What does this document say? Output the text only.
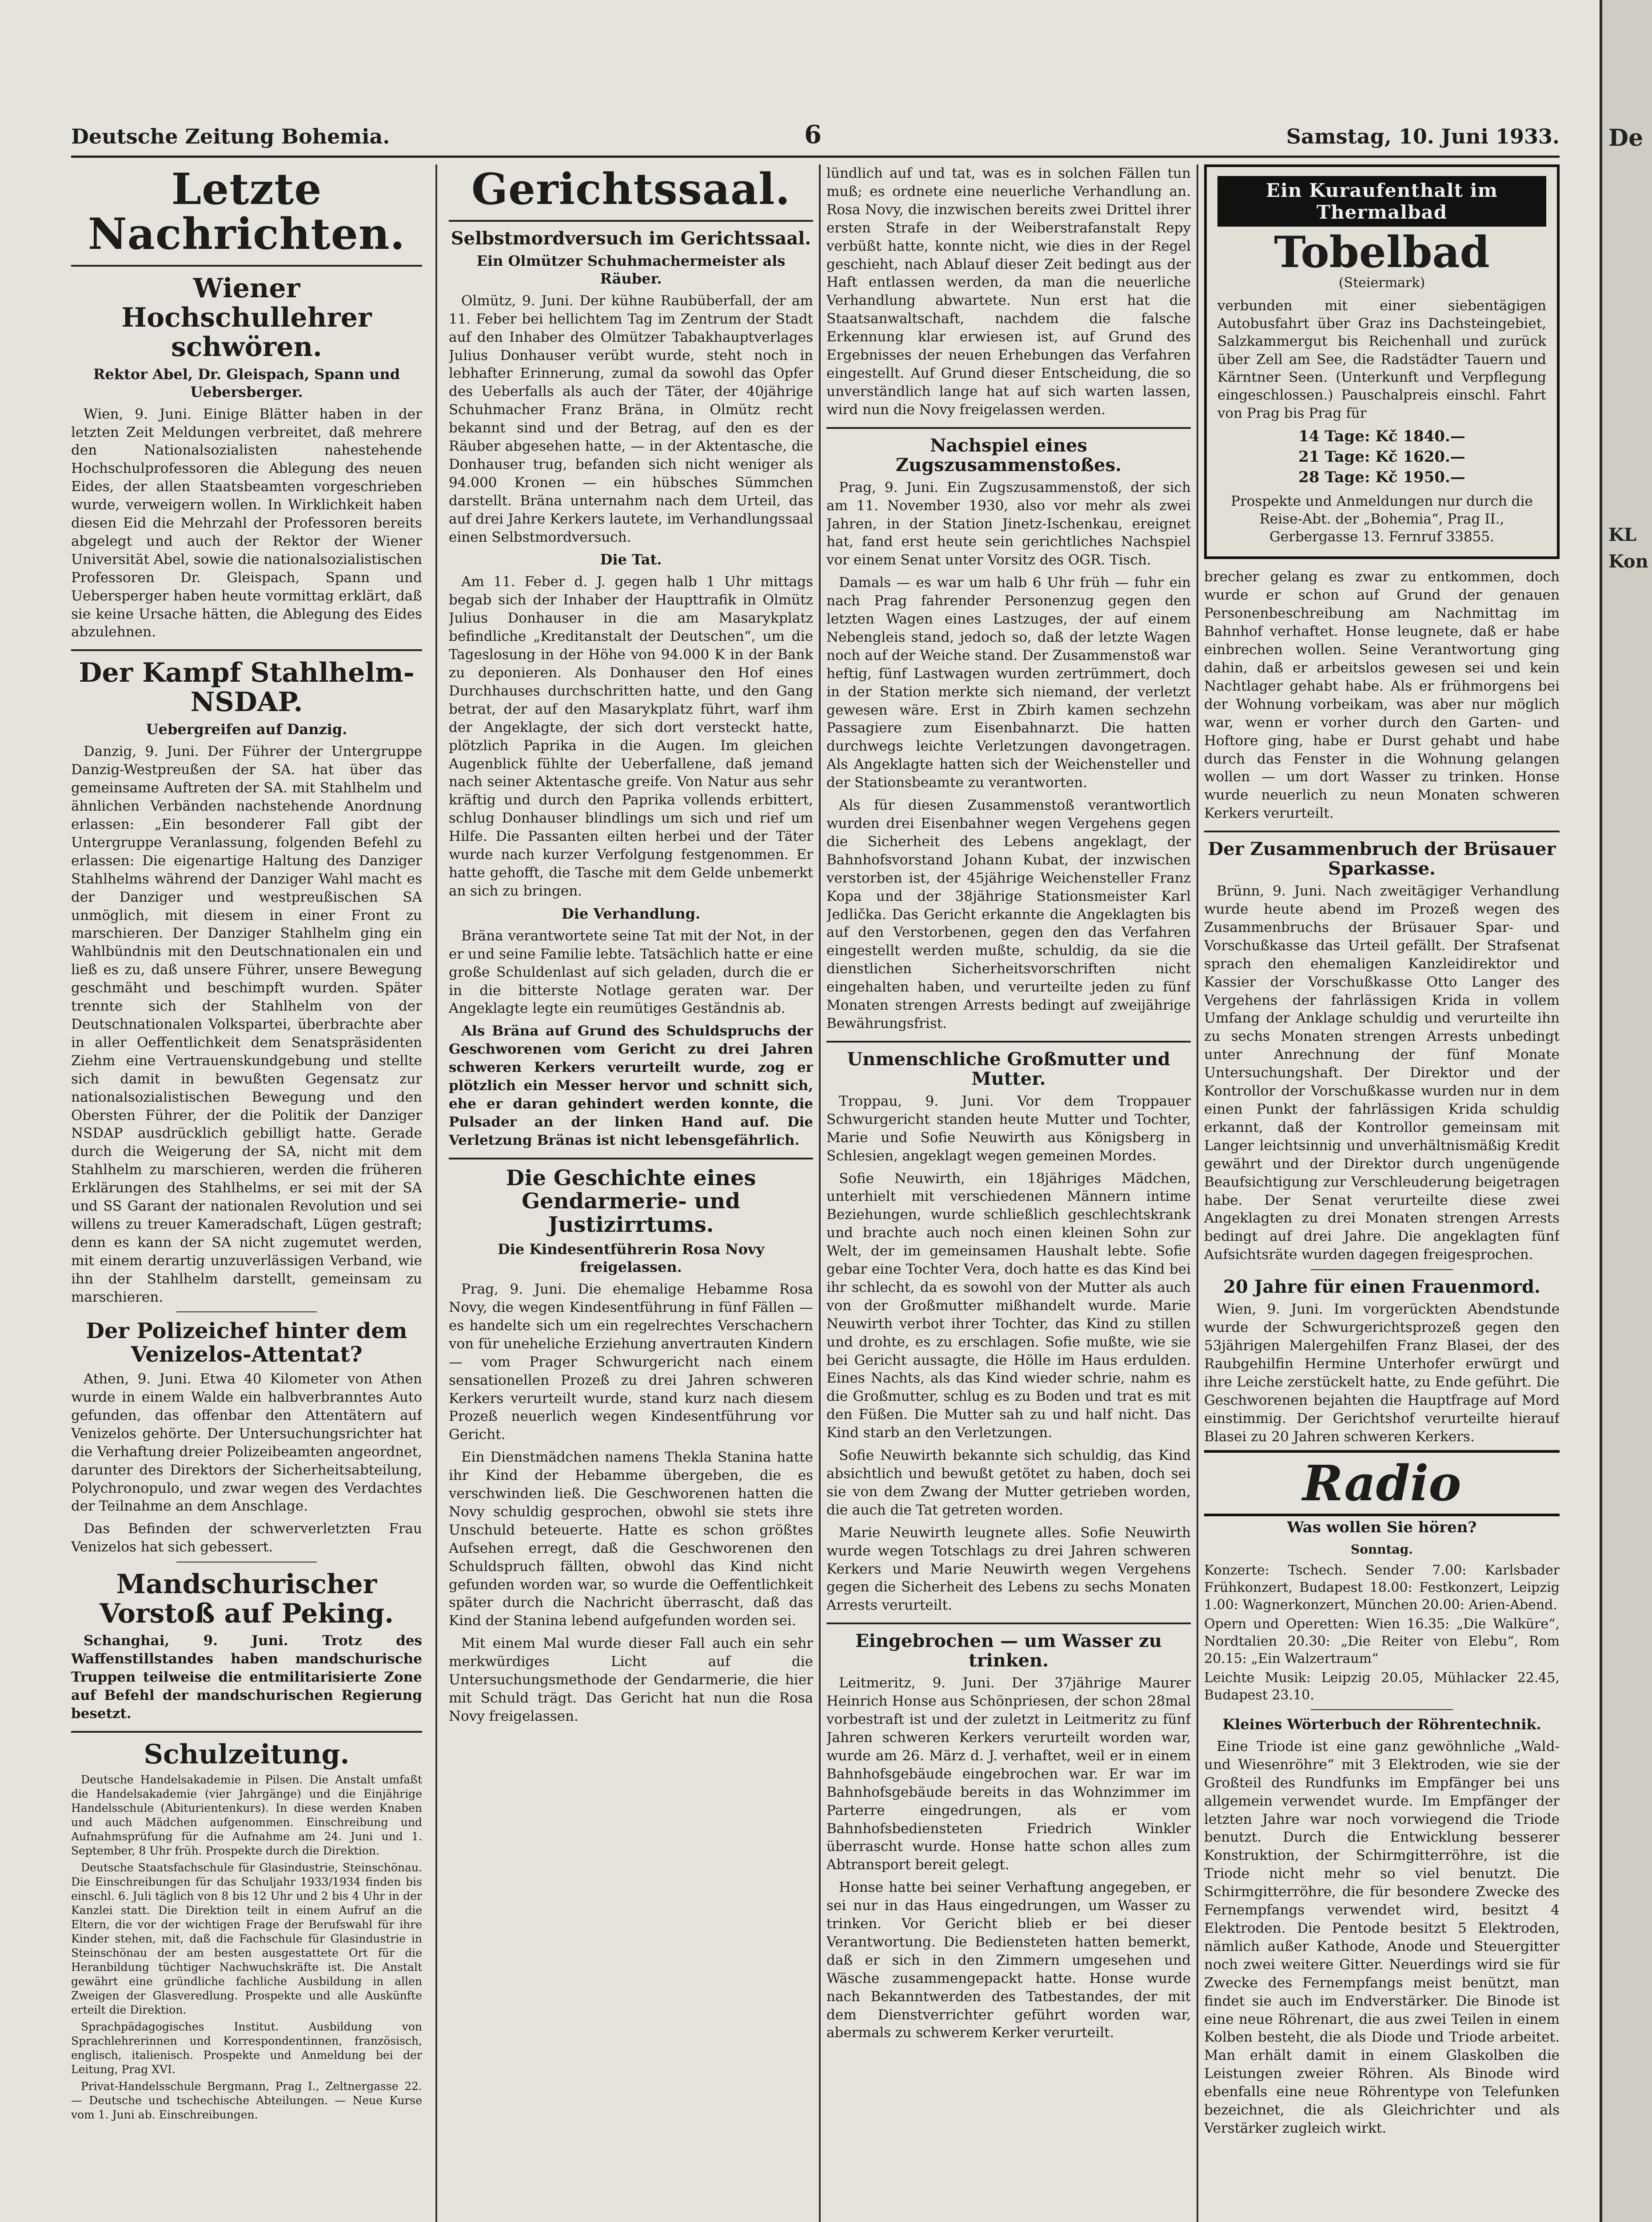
De
KL
Kon
Deutsche Zeitung Bohemia.	6	Samstag, 10. Juni 1933.
Letzte Nachrichten.
Wiener Hochschullehrer schwören.
Rektor Abel, Dr. Gleispach, Spann und Uebersberger.

Wien, 9. Juni. Einige Blätter haben in der letzten Zeit Meldungen verbreitet, daß mehrere den Nationalsozialisten nahestehende Hochschulprofessoren die Ablegung des neuen Eides, der allen Staatsbeamten vorgeschrieben wurde, verweigern wollen. In Wirklichkeit haben diesen Eid die Mehrzahl der Professoren bereits abgelegt und auch der Rektor der Wiener Universität Abel, sowie die nationalsozialistischen Professoren Dr. Gleispach, Spann und Uebersperger haben heute vormittag erklärt, daß sie keine Ursache hätten, die Ablegung des Eides abzulehnen.

Der Kampf Stahlhelm-NSDAP.
Uebergreifen auf Danzig.

Danzig, 9. Juni. Der Führer der Untergruppe Danzig-Westpreußen der SA. hat über das gemeinsame Auftreten der SA. mit Stahlhelm und ähnlichen Verbänden nachstehende Anordnung erlassen: „Ein besonderer Fall gibt der Untergruppe Veranlassung, folgenden Befehl zu erlassen: Die eigenartige Haltung des Danziger Stahlhelms während der Danziger Wahl macht es der Danziger und westpreußischen SA unmöglich, mit diesem in einer Front zu marschieren. Der Danziger Stahlhelm ging ein Wahlbündnis mit den Deutschnationalen ein und ließ es zu, daß unsere Führer, unsere Bewegung geschmäht und beschimpft wurden. Später trennte sich der Stahlhelm von der Deutschnationalen Volkspartei, überbrachte aber in aller Oeffentlichkeit dem Senatspräsidenten Ziehm eine Vertrauenskundgebung und stellte sich damit in bewußten Gegensatz zur nationalsozialistischen Bewegung und den Obersten Führer, der die Politik der Danziger NSDAP ausdrücklich gebilligt hatte. Gerade durch die Weigerung der SA, nicht mit dem Stahlhelm zu marschieren, werden die früheren Erklärungen des Stahlhelms, er sei mit der SA und SS Garant der nationalen Revolution und sei willens zu treuer Kameradschaft, Lügen gestraft; denn es kann der SA nicht zugemutet werden, mit einem derartig unzuverlässigen Verband, wie ihn der Stahlhelm darstellt, gemeinsam zu marschieren.

Der Polizeichef hinter dem Venizelos-Attentat?

Athen, 9. Juni. Etwa 40 Kilometer von Athen wurde in einem Walde ein halbverbranntes Auto gefunden, das offenbar den Attentätern auf Venizelos gehörte. Der Untersuchungsrichter hat die Verhaftung dreier Polizeibeamten angeordnet, darunter des Direktors der Sicherheitsabteilung, Polychronopulo, und zwar wegen des Verdachtes der Teilnahme an dem Anschlage.

Das Befinden der schwerverletzten Frau Venizelos hat sich gebessert.

Mandschurischer Vorstoß auf Peking.

Schanghai, 9. Juni. Trotz des Waffenstillstandes haben mandschurische Truppen teilweise die entmilitarisierte Zone auf Befehl der mandschurischen Regierung besetzt.

Schulzeitung.

Deutsche Handelsakademie in Pilsen. Die Anstalt umfaßt die Handelsakademie (vier Jahrgänge) und die Einjährige Handelsschule (Abiturientenkurs). In diese werden Knaben und auch Mädchen aufgenommen. Einschreibung und Aufnahmsprüfung für die Aufnahme am 24. Juni und 1. September, 8 Uhr früh. Prospekte durch die Direktion.

Deutsche Staatsfachschule für Glasindustrie, Steinschönau. Die Einschreibungen für das Schuljahr 1933/1934 finden bis einschl. 6. Juli täglich von 8 bis 12 Uhr und 2 bis 4 Uhr in der Kanzlei statt. Die Direktion teilt in einem Aufruf an die Eltern, die vor der wichtigen Frage der Berufswahl für ihre Kinder stehen, mit, daß die Fachschule für Glasindustrie in Steinschönau der am besten ausgestattete Ort für die Heranbildung tüchtiger Nachwuchskräfte ist. Die Anstalt gewährt eine gründliche fachliche Ausbildung in allen Zweigen der Glasveredlung. Prospekte und alle Auskünfte erteilt die Direktion.

Sprachpädagogisches Institut. Ausbildung von Sprachlehrerinnen und Korrespondentinnen, französisch, englisch, italienisch. Prospekte und Anmeldung bei der Leitung, Prag XVI.

Privat-Handelsschule Bergmann, Prag I., Zeltnergasse 22. — Deutsche und tschechische Abteilungen. — Neue Kurse vom 1. Juni ab. Einschreibungen.

Gerichtssaal.
Selbstmordversuch im Gerichtssaal.
Ein Olmützer Schuhmachermeister als Räuber.

Olmütz, 9. Juni. Der kühne Raubüberfall, der am 11. Feber bei hellichtem Tag im Zentrum der Stadt auf den Inhaber des Olmützer Tabakhauptverlages Julius Donhauser verübt wurde, steht noch in lebhafter Erinnerung, zumal da sowohl das Opfer des Ueberfalls als auch der Täter, der 40jährige Schuhmacher Franz Bräna, in Olmütz recht bekannt sind und der Betrag, auf den es der Räuber abgesehen hatte, — in der Aktentasche, die Donhauser trug, befanden sich nicht weniger als 94.000 Kronen — ein hübsches Sümmchen darstellt. Bräna unternahm nach dem Urteil, das auf drei Jahre Kerkers lautete, im Verhandlungssaal einen Selbstmordversuch.

Die Tat.

Am 11. Feber d. J. gegen halb 1 Uhr mittags begab sich der Inhaber der Haupttrafik in Olmütz Julius Donhauser in die am Masarykplatz befindliche „Kreditanstalt der Deutschen“, um die Tageslosung in der Höhe von 94.000 K in der Bank zu deponieren. Als Donhauser den Hof eines Durchhauses durchschritten hatte, und den Gang betrat, der auf den Masarykplatz führt, warf ihm der Angeklagte, der sich dort versteckt hatte, plötzlich Paprika in die Augen. Im gleichen Augenblick fühlte der Ueberfallene, daß jemand nach seiner Aktentasche greife. Von Natur aus sehr kräftig und durch den Paprika vollends erbittert, schlug Donhauser blindlings um sich und rief um Hilfe. Die Passanten eilten herbei und der Täter wurde nach kurzer Verfolgung festgenommen. Er hatte gehofft, die Tasche mit dem Gelde unbemerkt an sich zu bringen.

Die Verhandlung.

Bräna verantwortete seine Tat mit der Not, in der er und seine Familie lebte. Tatsächlich hatte er eine große Schuldenlast auf sich geladen, durch die er in die bitterste Notlage geraten war. Der Angeklagte legte ein reumütiges Geständnis ab.

Als Bräna auf Grund des Schuldspruchs der Geschworenen vom Gericht zu drei Jahren schweren Kerkers verurteilt wurde, zog er plötzlich ein Messer hervor und schnitt sich, ehe er daran gehindert werden konnte, die Pulsader an der linken Hand auf. Die Verletzung Bränas ist nicht lebensgefährlich.

Die Geschichte eines Gendarmerie- und Justizirrtums.
Die Kindesentführerin Rosa Novy freigelassen.

Prag, 9. Juni. Die ehemalige Hebamme Rosa Novy, die wegen Kindesentführung in fünf Fällen — es handelte sich um ein regelrechtes Verschachern von für uneheliche Erziehung anvertrauten Kindern — vom Prager Schwurgericht nach einem sensationellen Prozeß zu drei Jahren schweren Kerkers verurteilt wurde, stand kurz nach diesem Prozeß neuerlich wegen Kindesentführung vor Gericht.

Ein Dienstmädchen namens Thekla Stanina hatte ihr Kind der Hebamme übergeben, die es verschwinden ließ. Die Geschworenen hatten die Novy schuldig gesprochen, obwohl sie stets ihre Unschuld beteuerte. Hatte es schon größtes Aufsehen erregt, daß die Geschworenen den Schuldspruch fällten, obwohl das Kind nicht gefunden worden war, so wurde die Oeffentlichkeit später durch die Nachricht überrascht, daß das Kind der Stanina lebend aufgefunden worden sei.

Mit einem Mal wurde dieser Fall auch ein sehr merkwürdiges Licht auf die Untersuchungsmethode der Gendarmerie, die hier mit Schuld trägt. Das Gericht hat nun die Rosa Novy freigelassen.

lündlich auf und tat, was es in solchen Fällen tun muß; es ordnete eine neuerliche Verhandlung an. Rosa Novy, die inzwischen bereits zwei Drittel ihrer ersten Strafe in der Weiberstrafanstalt Repy verbüßt hatte, konnte nicht, wie dies in der Regel geschieht, nach Ablauf dieser Zeit bedingt aus der Haft entlassen werden, da man die neuerliche Verhandlung abwartete. Nun erst hat die Staatsanwaltschaft, nachdem die falsche Erkennung klar erwiesen ist, auf Grund des Ergebnisses der neuen Erhebungen das Verfahren eingestellt. Auf Grund dieser Entscheidung, die so unverständlich lange hat auf sich warten lassen, wird nun die Novy freigelassen werden.

Nachspiel eines Zugszusammenstoßes.

Prag, 9. Juni. Ein Zugszusammenstoß, der sich am 11. November 1930, also vor mehr als zwei Jahren, in der Station Jinetz-Ischenkau, ereignet hat, fand erst heute sein gerichtliches Nachspiel vor einem Senat unter Vorsitz des OGR. Tisch.

Damals — es war um halb 6 Uhr früh — fuhr ein nach Prag fahrender Personenzug gegen den letzten Wagen eines Lastzuges, der auf einem Nebengleis stand, jedoch so, daß der letzte Wagen noch auf der Weiche stand. Der Zusammenstoß war heftig, fünf Lastwagen wurden zertrümmert, doch in der Station merkte sich niemand, der verletzt gewesen wäre. Erst in Zbirh kamen sechzehn Passagiere zum Eisenbahnarzt. Die hatten durchwegs leichte Verletzungen davongetragen. Als Angeklagte hatten sich der Weichensteller und der Stationsbeamte zu verantworten.

Als für diesen Zusammenstoß verantwortlich wurden drei Eisenbahner wegen Vergehens gegen die Sicherheit des Lebens angeklagt, der Bahnhofsvorstand Johann Kubat, der inzwischen verstorben ist, der 45jährige Weichensteller Franz Kopa und der 38jährige Stationsmeister Karl Jedlička. Das Gericht erkannte die Angeklagten bis auf den Verstorbenen, gegen den das Verfahren eingestellt werden mußte, schuldig, da sie die dienstlichen Sicherheitsvorschriften nicht eingehalten haben, und verurteilte jeden zu fünf Monaten strengen Arrests bedingt auf zweijährige Bewährungsfrist.

Unmenschliche Großmutter und Mutter.

Troppau, 9. Juni. Vor dem Troppauer Schwurgericht standen heute Mutter und Tochter, Marie und Sofie Neuwirth aus Königsberg in Schlesien, angeklagt wegen gemeinen Mordes.

Sofie Neuwirth, ein 18jähriges Mädchen, unterhielt mit verschiedenen Männern intime Beziehungen, wurde schließlich geschlechtskrank und brachte auch noch einen kleinen Sohn zur Welt, der im gemeinsamen Haushalt lebte. Sofie gebar eine Tochter Vera, doch hatte es das Kind bei ihr schlecht, da es sowohl von der Mutter als auch von der Großmutter mißhandelt wurde. Marie Neuwirth verbot ihrer Tochter, das Kind zu stillen und drohte, es zu erschlagen. Sofie mußte, wie sie bei Gericht aussagte, die Hölle im Haus erdulden. Eines Nachts, als das Kind wieder schrie, nahm es die Großmutter, schlug es zu Boden und trat es mit den Füßen. Die Mutter sah zu und half nicht. Das Kind starb an den Verletzungen.

Sofie Neuwirth bekannte sich schuldig, das Kind absichtlich und bewußt getötet zu haben, doch sei sie von dem Zwang der Mutter getrieben worden, die auch die Tat getreten worden.

Marie Neuwirth leugnete alles. Sofie Neuwirth wurde wegen Totschlags zu drei Jahren schweren Kerkers und Marie Neuwirth wegen Vergehens gegen die Sicherheit des Lebens zu sechs Monaten Arrests verurteilt.

Eingebrochen — um Wasser zu trinken.

Leitmeritz, 9. Juni. Der 37jährige Maurer Heinrich Honse aus Schönpriesen, der schon 28mal vorbestraft ist und der zuletzt in Leitmeritz zu fünf Jahren schweren Kerkers verurteilt worden war, wurde am 26. März d. J. verhaftet, weil er in einem Bahnhofsgebäude eingebrochen war. Er war im Bahnhofsgebäude bereits in das Wohnzimmer im Parterre eingedrungen, als er vom Bahnhofsbediensteten Friedrich Winkler überrascht wurde. Honse hatte schon alles zum Abtransport bereit gelegt.

Honse hatte bei seiner Verhaftung angegeben, er sei nur in das Haus eingedrungen, um Wasser zu trinken. Vor Gericht blieb er bei dieser Verantwortung. Die Bediensteten hatten bemerkt, daß er sich in den Zimmern umgesehen und Wäsche zusammengepackt hatte. Honse wurde nach Bekanntwerden des Tatbestandes, der mit dem Dienstverrichter geführt worden war, abermals zu schwerem Kerker verurteilt.

Ein Kuraufenthalt im Thermalbad
Tobelbad
(Steiermark)
verbunden mit einer siebentägigen Autobusfahrt über Graz ins Dachsteingebiet, Salzkammergut bis Reichenhall und zurück über Zell am See, die Radstädter Tauern und Kärntner Seen. (Unterkunft und Verpflegung eingeschlossen.) Pauschalpreis einschl. Fahrt von Prag bis Prag für
14 Tage: Kč 1840.—
21 Tage: Kč 1620.—
28 Tage: Kč 1950.—
Prospekte und Anmeldungen nur durch die Reise-Abt. der „Bohemia“, Prag II., Gerbergasse 13. Fernruf 33855.

brecher gelang es zwar zu entkommen, doch wurde er schon auf Grund der genauen Personenbeschreibung am Nachmittag im Bahnhof verhaftet. Honse leugnete, daß er habe einbrechen wollen. Seine Verantwortung ging dahin, daß er arbeitslos gewesen sei und kein Nachtlager gehabt habe. Als er frühmorgens bei der Wohnung vorbeikam, was aber nur möglich war, wenn er vorher durch den Garten- und Hoftore ging, habe er Durst gehabt und habe durch das Fenster in die Wohnung gelangen wollen — um dort Wasser zu trinken. Honse wurde neuerlich zu neun Monaten schweren Kerkers verurteilt.

Der Zusammenbruch der Brüsauer Sparkasse.

Brünn, 9. Juni. Nach zweitägiger Verhandlung wurde heute abend im Prozeß wegen des Zusammenbruchs der Brüsauer Spar- und Vorschußkasse das Urteil gefällt. Der Strafsenat sprach den ehemaligen Kanzleidirektor und Kassier der Vorschußkasse Otto Langer des Vergehens der fahrlässigen Krida in vollem Umfang der Anklage schuldig und verurteilte ihn zu sechs Monaten strengen Arrests unbedingt unter Anrechnung der fünf Monate Untersuchungshaft. Der Direktor und der Kontrollor der Vorschußkasse wurden nur in dem einen Punkt der fahrlässigen Krida schuldig erkannt, daß der Kontrollor gemeinsam mit Langer leichtsinnig und unverhältnismäßig Kredit gewährt und der Direktor durch ungenügende Beaufsichtigung zur Verschleuderung beigetragen habe. Der Senat verurteilte diese zwei Angeklagten zu drei Monaten strengen Arrests bedingt auf drei Jahre. Die angeklagten fünf Aufsichtsräte wurden dagegen freigesprochen.

20 Jahre für einen Frauenmord.

Wien, 9. Juni. Im vorgerückten Abendstunde wurde der Schwurgerichtsprozeß gegen den 53jährigen Malergehilfen Franz Blasei, der des Raubgehilfin Hermine Unterhofer erwürgt und ihre Leiche zerstückelt hatte, zu Ende geführt. Die Geschworenen bejahten die Hauptfrage auf Mord einstimmig. Der Gerichtshof verurteilte hierauf Blasei zu 20 Jahren schweren Kerkers.

Radio
Was wollen Sie hören?
Sonntag.

Konzerte: Tschech. Sender 7.00: Karlsbader Frühkonzert, Budapest 18.00: Festkonzert, Leipzig 1.00: Wagnerkonzert, München 20.00: Arien-Abend.

Opern und Operetten: Wien 16.35: „Die Walküre“, Nordtalien 20.30: „Die Reiter von Elebu“, Rom 20.15: „Ein Walzertraum“

Leichte Musik: Leipzig 20.05, Mühlacker 22.45, Budapest 23.10.

Kleines Wörterbuch der Röhrentechnik.

Eine Triode ist eine ganz gewöhnliche „Wald- und Wiesenröhre“ mit 3 Elektroden, wie sie der Großteil des Rundfunks im Empfänger bei uns allgemein verwendet wurde. Im Empfänger der letzten Jahre war noch vorwiegend die Triode benutzt. Durch die Entwicklung besserer Konstruktion, der Schirmgitterröhre, ist die Triode nicht mehr so viel benutzt. Die Schirmgitterröhre, die für besondere Zwecke des Fernempfangs verwendet wird, besitzt 4 Elektroden. Die Pentode besitzt 5 Elektroden, nämlich außer Kathode, Anode und Steuergitter noch zwei weitere Gitter. Neuerdings wird sie für Zwecke des Fernempfangs meist benützt, man findet sie auch im Endverstärker. Die Binode ist eine neue Röhrenart, die aus zwei Teilen in einem Kolben besteht, die als Diode und Triode arbeitet. Man erhält damit in einem Glaskolben die Leistungen zweier Röhren. Als Binode wird ebenfalls eine neue Röhrentype von Telefunken bezeichnet, die als Gleichrichter und als Verstärker zugleich wirkt.
